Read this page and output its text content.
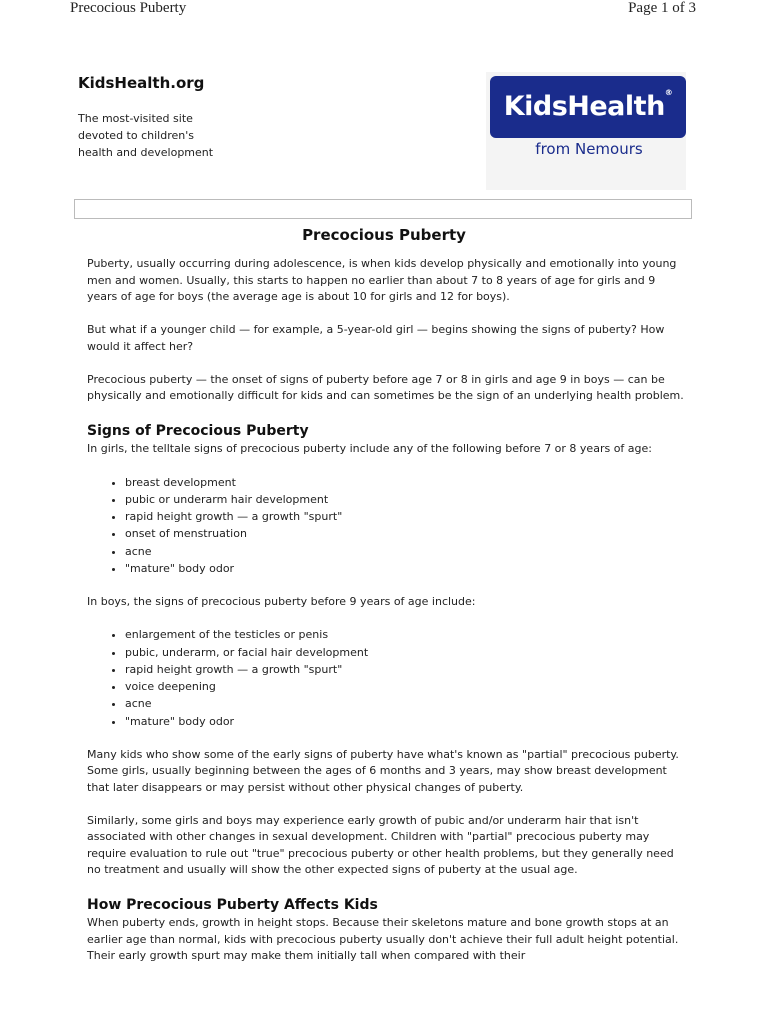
Precocious Puberty	Page 1 of 3
KidsHealth.org
The most-visited site
devoted to children's
health and development
KidsHealth®
from Nemours
Precocious Puberty

Puberty, usually occurring during adolescence, is when kids develop physically and emotionally into young men and women. Usually, this starts to happen no earlier than about 7 to 8 years of age for girls and 9 years of age for boys (the average age is about 10 for girls and 12 for boys).

But what if a younger child — for example, a 5-year-old girl — begins showing the signs of puberty? How would it affect her?

Precocious puberty — the onset of signs of puberty before age 7 or 8 in girls and age 9 in boys — can be physically and emotionally difficult for kids and can sometimes be the sign of an underlying health problem.

Signs of Precocious Puberty

In girls, the telltale signs of precocious puberty include any of the following before 7 or 8 years of age:

• breast development
• pubic or underarm hair development
• rapid height growth — a growth "spurt"
• onset of menstruation
• acne
• "mature" body odor

In boys, the signs of precocious puberty before 9 years of age include:

• enlargement of the testicles or penis
• pubic, underarm, or facial hair development
• rapid height growth — a growth "spurt"
• voice deepening
• acne
• "mature" body odor

Many kids who show some of the early signs of puberty have what's known as "partial" precocious puberty. Some girls, usually beginning between the ages of 6 months and 3 years, may show breast development that later disappears or may persist without other physical changes of puberty.

Similarly, some girls and boys may experience early growth of pubic and/or underarm hair that isn't associated with other changes in sexual development. Children with "partial" precocious puberty may require evaluation to rule out "true" precocious puberty or other health problems, but they generally need no treatment and usually will show the other expected signs of puberty at the usual age.

How Precocious Puberty Affects Kids

When puberty ends, growth in height stops. Because their skeletons mature and bone growth stops at an earlier age than normal, kids with precocious puberty usually don't achieve their full adult height potential. Their early growth spurt may make them initially tall when compared with their
